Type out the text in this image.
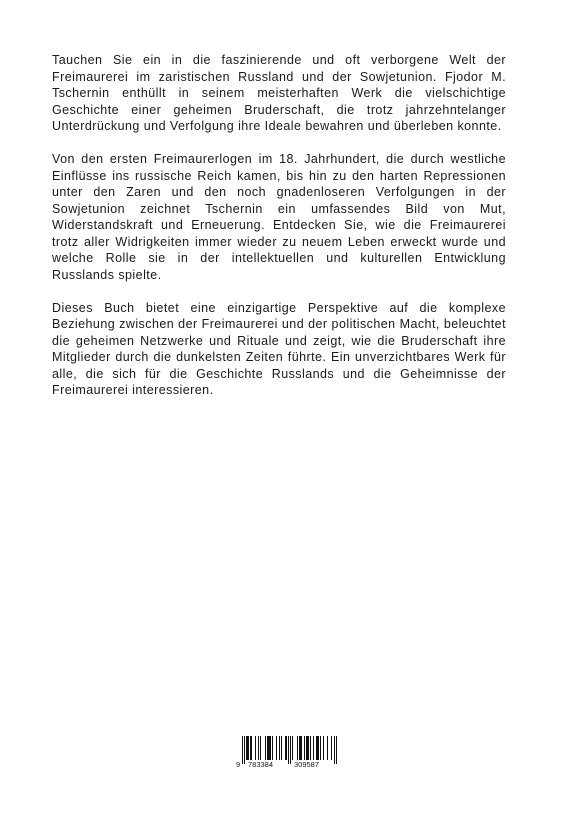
Tauchen Sie ein in die faszinierende und oft verborgene Welt der Freimaurerei im zaristischen Russland und der Sowjetunion. Fjodor M. Tschernin enthüllt in seinem meisterhaften Werk die vielschichtige Geschichte einer geheimen Bruderschaft, die trotz jahrzehntelanger Unterdrückung und Verfolgung ihre Ideale bewahren und überleben konnte.

Von den ersten Freimaurerlogen im 18. Jahrhundert, die durch westliche Einflüsse ins russische Reich kamen, bis hin zu den harten Repressionen unter den Zaren und den noch gnadenloseren Verfolgungen in der Sowjetunion zeichnet Tschernin ein umfassendes Bild von Mut, Widerstandskraft und Erneuerung. Entdecken Sie, wie die Freimaurerei trotz aller Widrigkeiten immer wieder zu neuem Leben erweckt wurde und welche Rolle sie in der intellektuellen und kulturellen Entwicklung Russlands spielte.

Dieses Buch bietet eine einzigartige Perspektive auf die komplexe Beziehung zwischen der Freimaurerei und der politischen Macht, beleuchtet die geheimen Netzwerke und Rituale und zeigt, wie die Bruderschaft ihre Mitglieder durch die dunkelsten Zeiten führte. Ein unverzichtbares Werk für alle, die sich für die Geschichte Russlands und die Geheimnisse der Freimaurerei interessieren.

9 783384	309587
